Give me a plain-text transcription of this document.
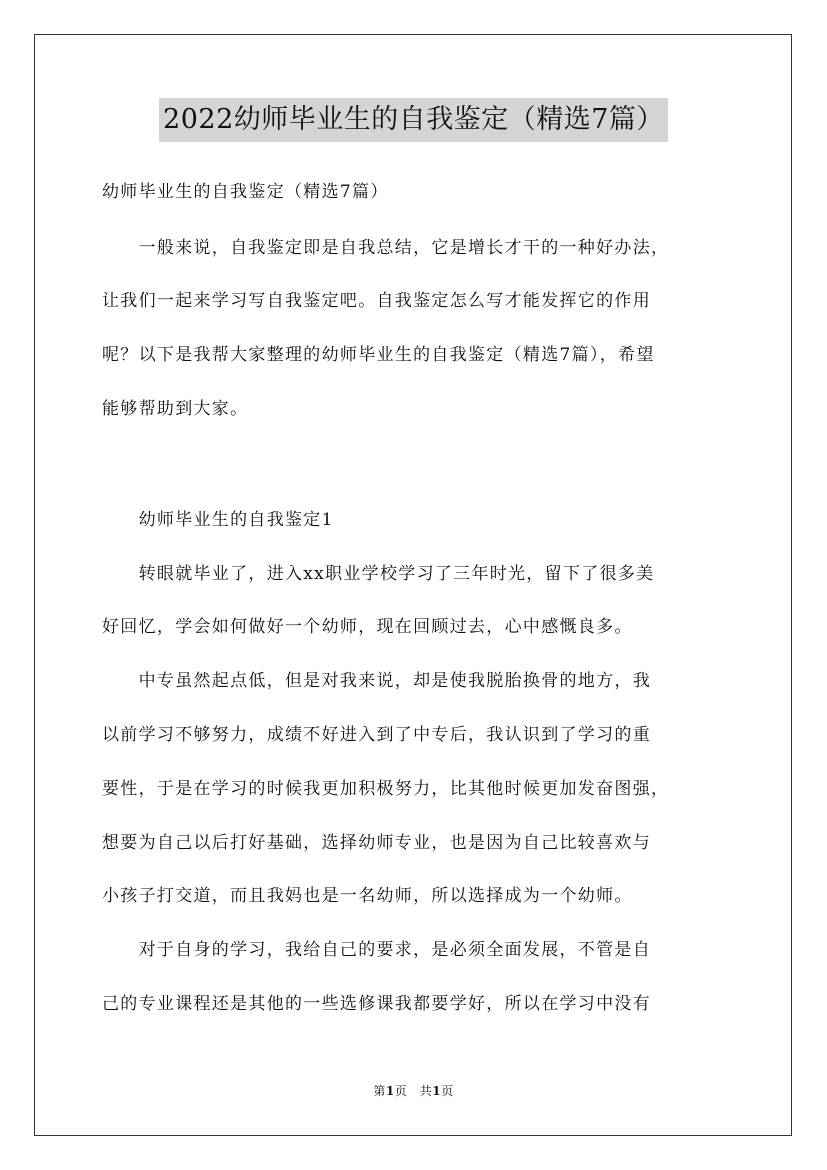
2022幼师毕业生的自我鉴定（精选7篇）
幼师毕业生的自我鉴定（精选7篇）
　　一般来说，自我鉴定即是自我总结，它是增长才干的一种好办法，
让我们一起来学习写自我鉴定吧。自我鉴定怎么写才能发挥它的作用
呢？以下是我帮大家整理的幼师毕业生的自我鉴定（精选7篇），希望
能够帮助到大家。
　　幼师毕业生的自我鉴定1
　　转眼就毕业了，进入xx职业学校学习了三年时光，留下了很多美
好回忆，学会如何做好一个幼师，现在回顾过去，心中感慨良多。
　　中专虽然起点低，但是对我来说，却是使我脱胎换骨的地方，我
以前学习不够努力，成绩不好进入到了中专后，我认识到了学习的重
要性，于是在学习的时候我更加积极努力，比其他时候更加发奋图强，
想要为自己以后打好基础，选择幼师专业，也是因为自己比较喜欢与
小孩子打交道，而且我妈也是一名幼师，所以选择成为一个幼师。
　　对于自身的学习，我给自己的要求，是必须全面发展，不管是自
己的专业课程还是其他的一些选修课我都要学好，所以在学习中没有
第1页　共1页
